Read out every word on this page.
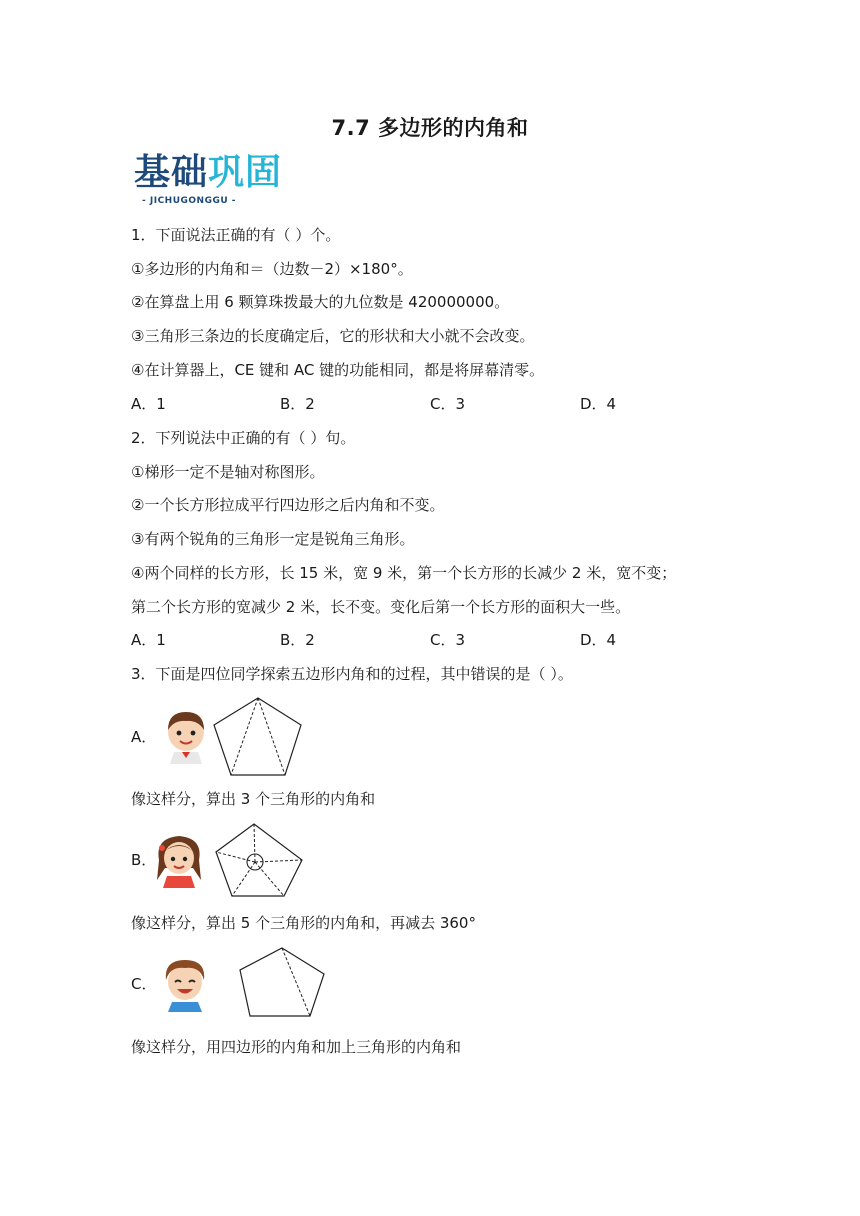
7.7 多边形的内角和
基础巩固
- JICHUGONGGU -
1．下面说法正确的有（ ）个。
①多边形的内角和＝（边数－2）×180°。
②在算盘上用 6 颗算珠拨最大的九位数是 420000000。
③三角形三条边的长度确定后，它的形状和大小就不会改变。
④在计算器上，CE 键和 AC 键的功能相同，都是将屏幕清零。
A．1	B．2	C．3	D．4
2．下列说法中正确的有（ ）句。
①梯形一定不是轴对称图形。
②一个长方形拉成平行四边形之后内角和不变。
③有两个锐角的三角形一定是锐角三角形。
④两个同样的长方形，长 15 米，宽 9 米，第一个长方形的长减少 2 米，宽不变；
第二个长方形的宽减少 2 米，长不变。变化后第一个长方形的面积大一些。
A．1	B．2	C．3	D．4
3．下面是四位同学探索五边形内角和的过程，其中错误的是（ ）。
A．
像这样分，算出 3 个三角形的内角和
B．
像这样分，算出 5 个三角形的内角和，再减去 360°
C．
像这样分，用四边形的内角和加上三角形的内角和
